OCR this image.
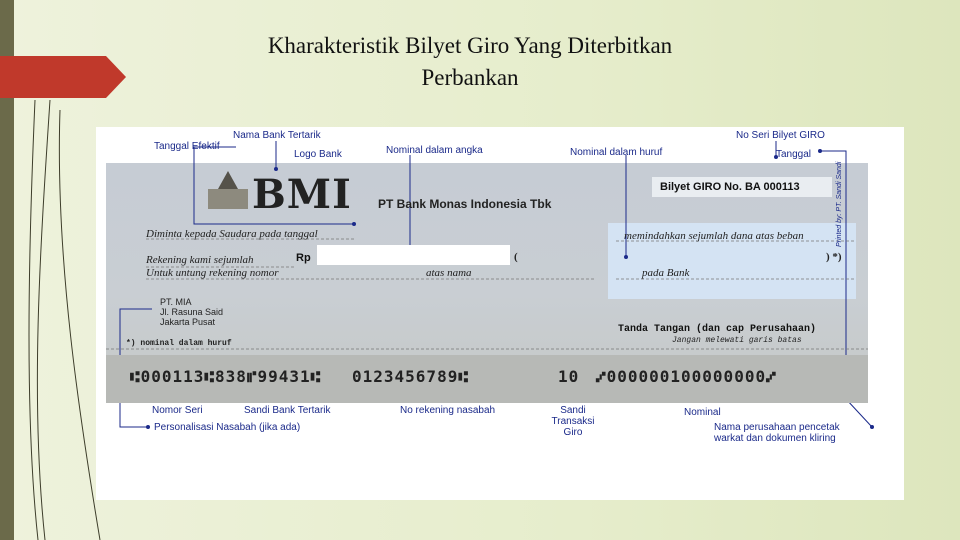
Kharakteristik Bilyet Giro Yang Diterbitkan
Perbankan
BMI PT Bank Monas Indonesia Tbk
Bilyet GIRO No. BA 000113
Diminta kepada Saudara pada tanggal
Rekening kami sejumlah
Untuk untung rekening nomor	atas nama
Rp	(	) *)
memindahkan sejumlah dana atas beban
pada Bank
PT. MIA
Jl. Rasuna Said
Jakarta Pusat
Tanda Tangan (dan cap Perusahaan)
Jangan melewati garis batas
*) nominal dalam huruf
⑆000113⑆838⑈99431⑆ 0123456789⑆	10 ⑇000000100000000⑇
Printed by: PT. Sandi Sandi
Nama Bank Tertarik
Tanggal Efektif
Logo Bank	Nominal dalam angka	Nominal dalam huruf
No Seri Bilyet GIRO
Tanggal
Nomor Seri	Sandi Bank Tertarik	No rekening nasabah	Sandi Transaksi Giro
Nominal
Personalisasi Nasabah (jika ada)	Nama perusahaan pencetak warkat dan dokumen kliring
